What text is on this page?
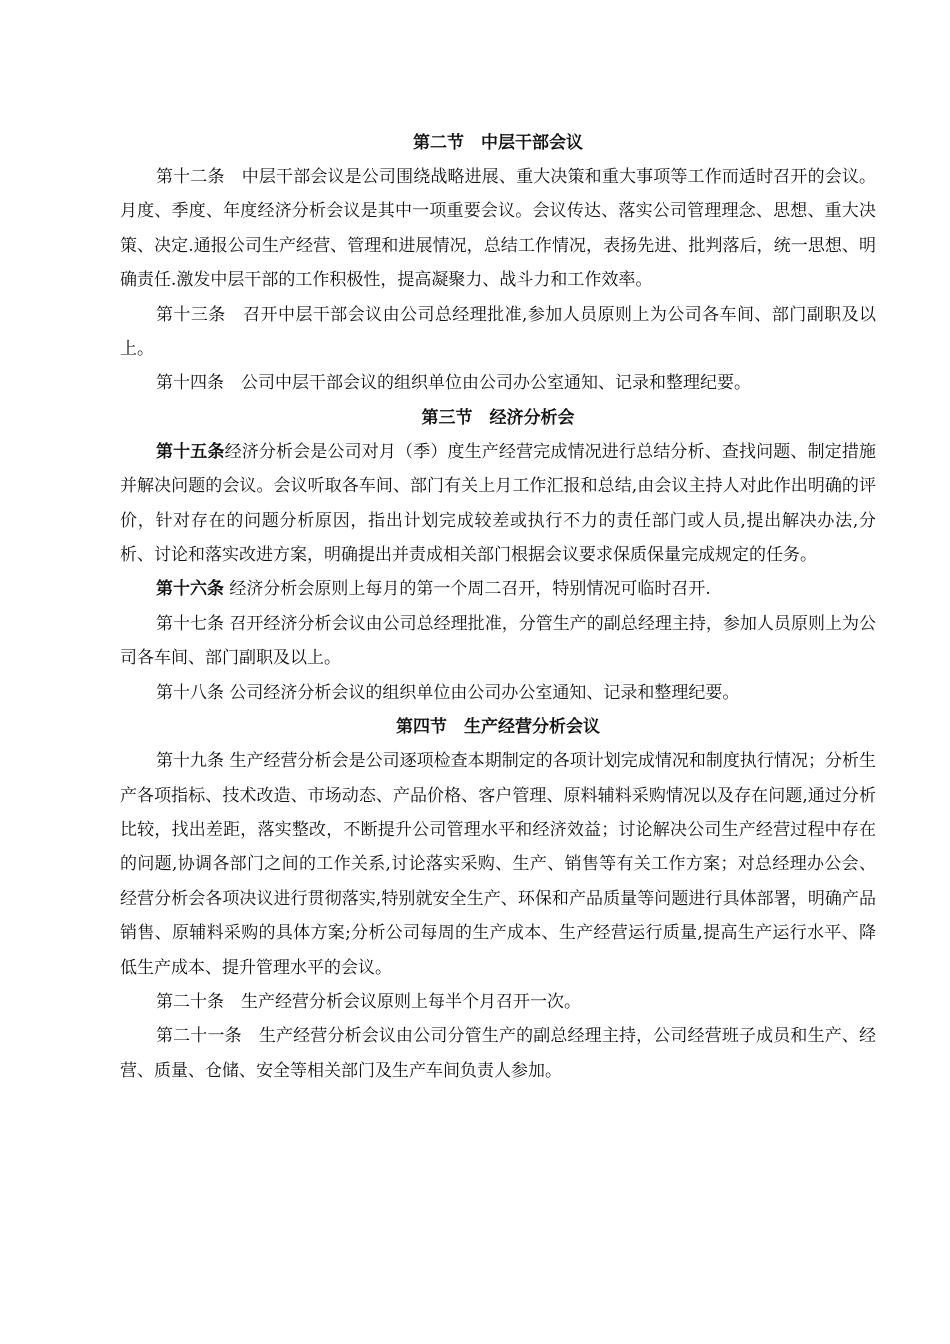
第二节　中层干部会议

第十二条　 中层干部会议是公司围绕战略进展、重大决策和重大事项等工作而适时召开的会议。月度、季度、年度经济分析会议是其中一项重要会议。会议传达、落实公司管理理念、思想、重大决策、决定.通报公司生产经营、管理和进展情况，总结工作情况，表扬先进、批判落后，统一思想、明确责任.激发中层干部的工作积极性，提高凝聚力、战斗力和工作效率。

第十三条　 召开中层干部会议由公司总经理批准,参加人员原则上为公司各车间、部门副职及以上。

第十四条　 公司中层干部会议的组织单位由公司办公室通知、记录和整理纪要。

第三节　经济分析会

第十五条经济分析会是公司对月（季）度生产经营完成情况进行总结分析、查找问题、制定措施并解决问题的会议。会议听取各车间、部门有关上月工作汇报和总结,由会议主持人对此作出明确的评价，针对存在的问题分析原因，指出计划完成较差或执行不力的责任部门或人员,提出解决办法,分析、讨论和落实改进方案，明确提出并责成相关部门根据会议要求保质保量完成规定的任务。

第十六条 经济分析会原则上每月的第一个周二召开，特别情况可临时召开.

第十七条 召开经济分析会议由公司总经理批准，分管生产的副总经理主持，参加人员原则上为公司各车间、部门副职及以上。

第十八条 公司经济分析会议的组织单位由公司办公室通知、记录和整理纪要。

第四节　生产经营分析会议

第十九条 生产经营分析会是公司逐项检查本期制定的各项计划完成情况和制度执行情况；分析生产各项指标、技术改造、市场动态、产品价格、客户管理、原料辅料采购情况以及存在问题,通过分析比较，找出差距，落实整改，不断提升公司管理水平和经济效益；讨论解决公司生产经营过程中存在的问题,协调各部门之间的工作关系,讨论落实采购、生产、销售等有关工作方案；对总经理办公会、经营分析会各项决议进行贯彻落实,特别就安全生产、环保和产品质量等问题进行具体部署，明确产品销售、原辅料采购的具体方案;分析公司每周的生产成本、生产经营运行质量,提高生产运行水平、降低生产成本、提升管理水平的会议。

第二十条　 生产经营分析会议原则上每半个月召开一次。

第二十一条　 生产经营分析会议由公司分管生产的副总经理主持，公司经营班子成员和生产、经营、质量、仓储、安全等相关部门及生产车间负责人参加。
